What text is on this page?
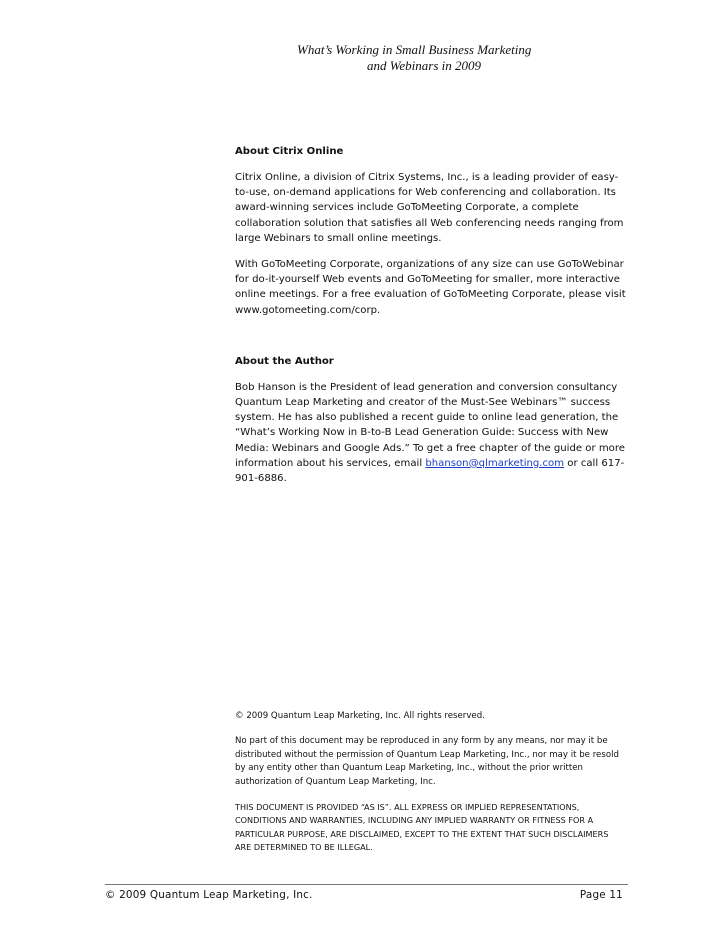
What’s Working in Small Business Marketing
and Webinars in 2009
About Citrix Online

Citrix Online, a division of Citrix Systems, Inc., is a leading provider of easy-to-use, on-demand applications for Web conferencing and collaboration. Its award-winning services include GoToMeeting Corporate, a complete collaboration solution that satisfies all Web conferencing needs ranging from large Webinars to small online meetings.

With GoToMeeting Corporate, organizations of any size can use GoToWebinar for do-it-yourself Web events and GoToMeeting for smaller, more interactive online meetings. For a free evaluation of GoToMeeting Corporate, please visit www.gotomeeting.com/corp.

About the Author

Bob Hanson is the President of lead generation and conversion consultancy Quantum Leap Marketing and creator of the Must-See Webinars™ success system. He has also published a recent guide to online lead generation, the “What’s Working Now in B-to-B Lead Generation Guide: Success with New Media: Webinars and Google Ads.” To get a free chapter of the guide or more information about his services, email bhanson@qlmarketing.com or call 617-901-6886.

© 2009 Quantum Leap Marketing, Inc. All rights reserved.

No part of this document may be reproduced in any form by any means, nor may it be distributed without the permission of Quantum Leap Marketing, Inc., nor may it be resold by any entity other than Quantum Leap Marketing, Inc., without the prior written authorization of Quantum Leap Marketing, Inc.

THIS DOCUMENT IS PROVIDED “AS IS”. ALL EXPRESS OR IMPLIED REPRESENTATIONS, CONDITIONS AND WARRANTIES, INCLUDING ANY IMPLIED WARRANTY OR FITNESS FOR A PARTICULAR PURPOSE, ARE DISCLAIMED, EXCEPT TO THE EXTENT THAT SUCH DISCLAIMERS ARE DETERMINED TO BE ILLEGAL.

© 2009 Quantum Leap Marketing, Inc.	Page 11
